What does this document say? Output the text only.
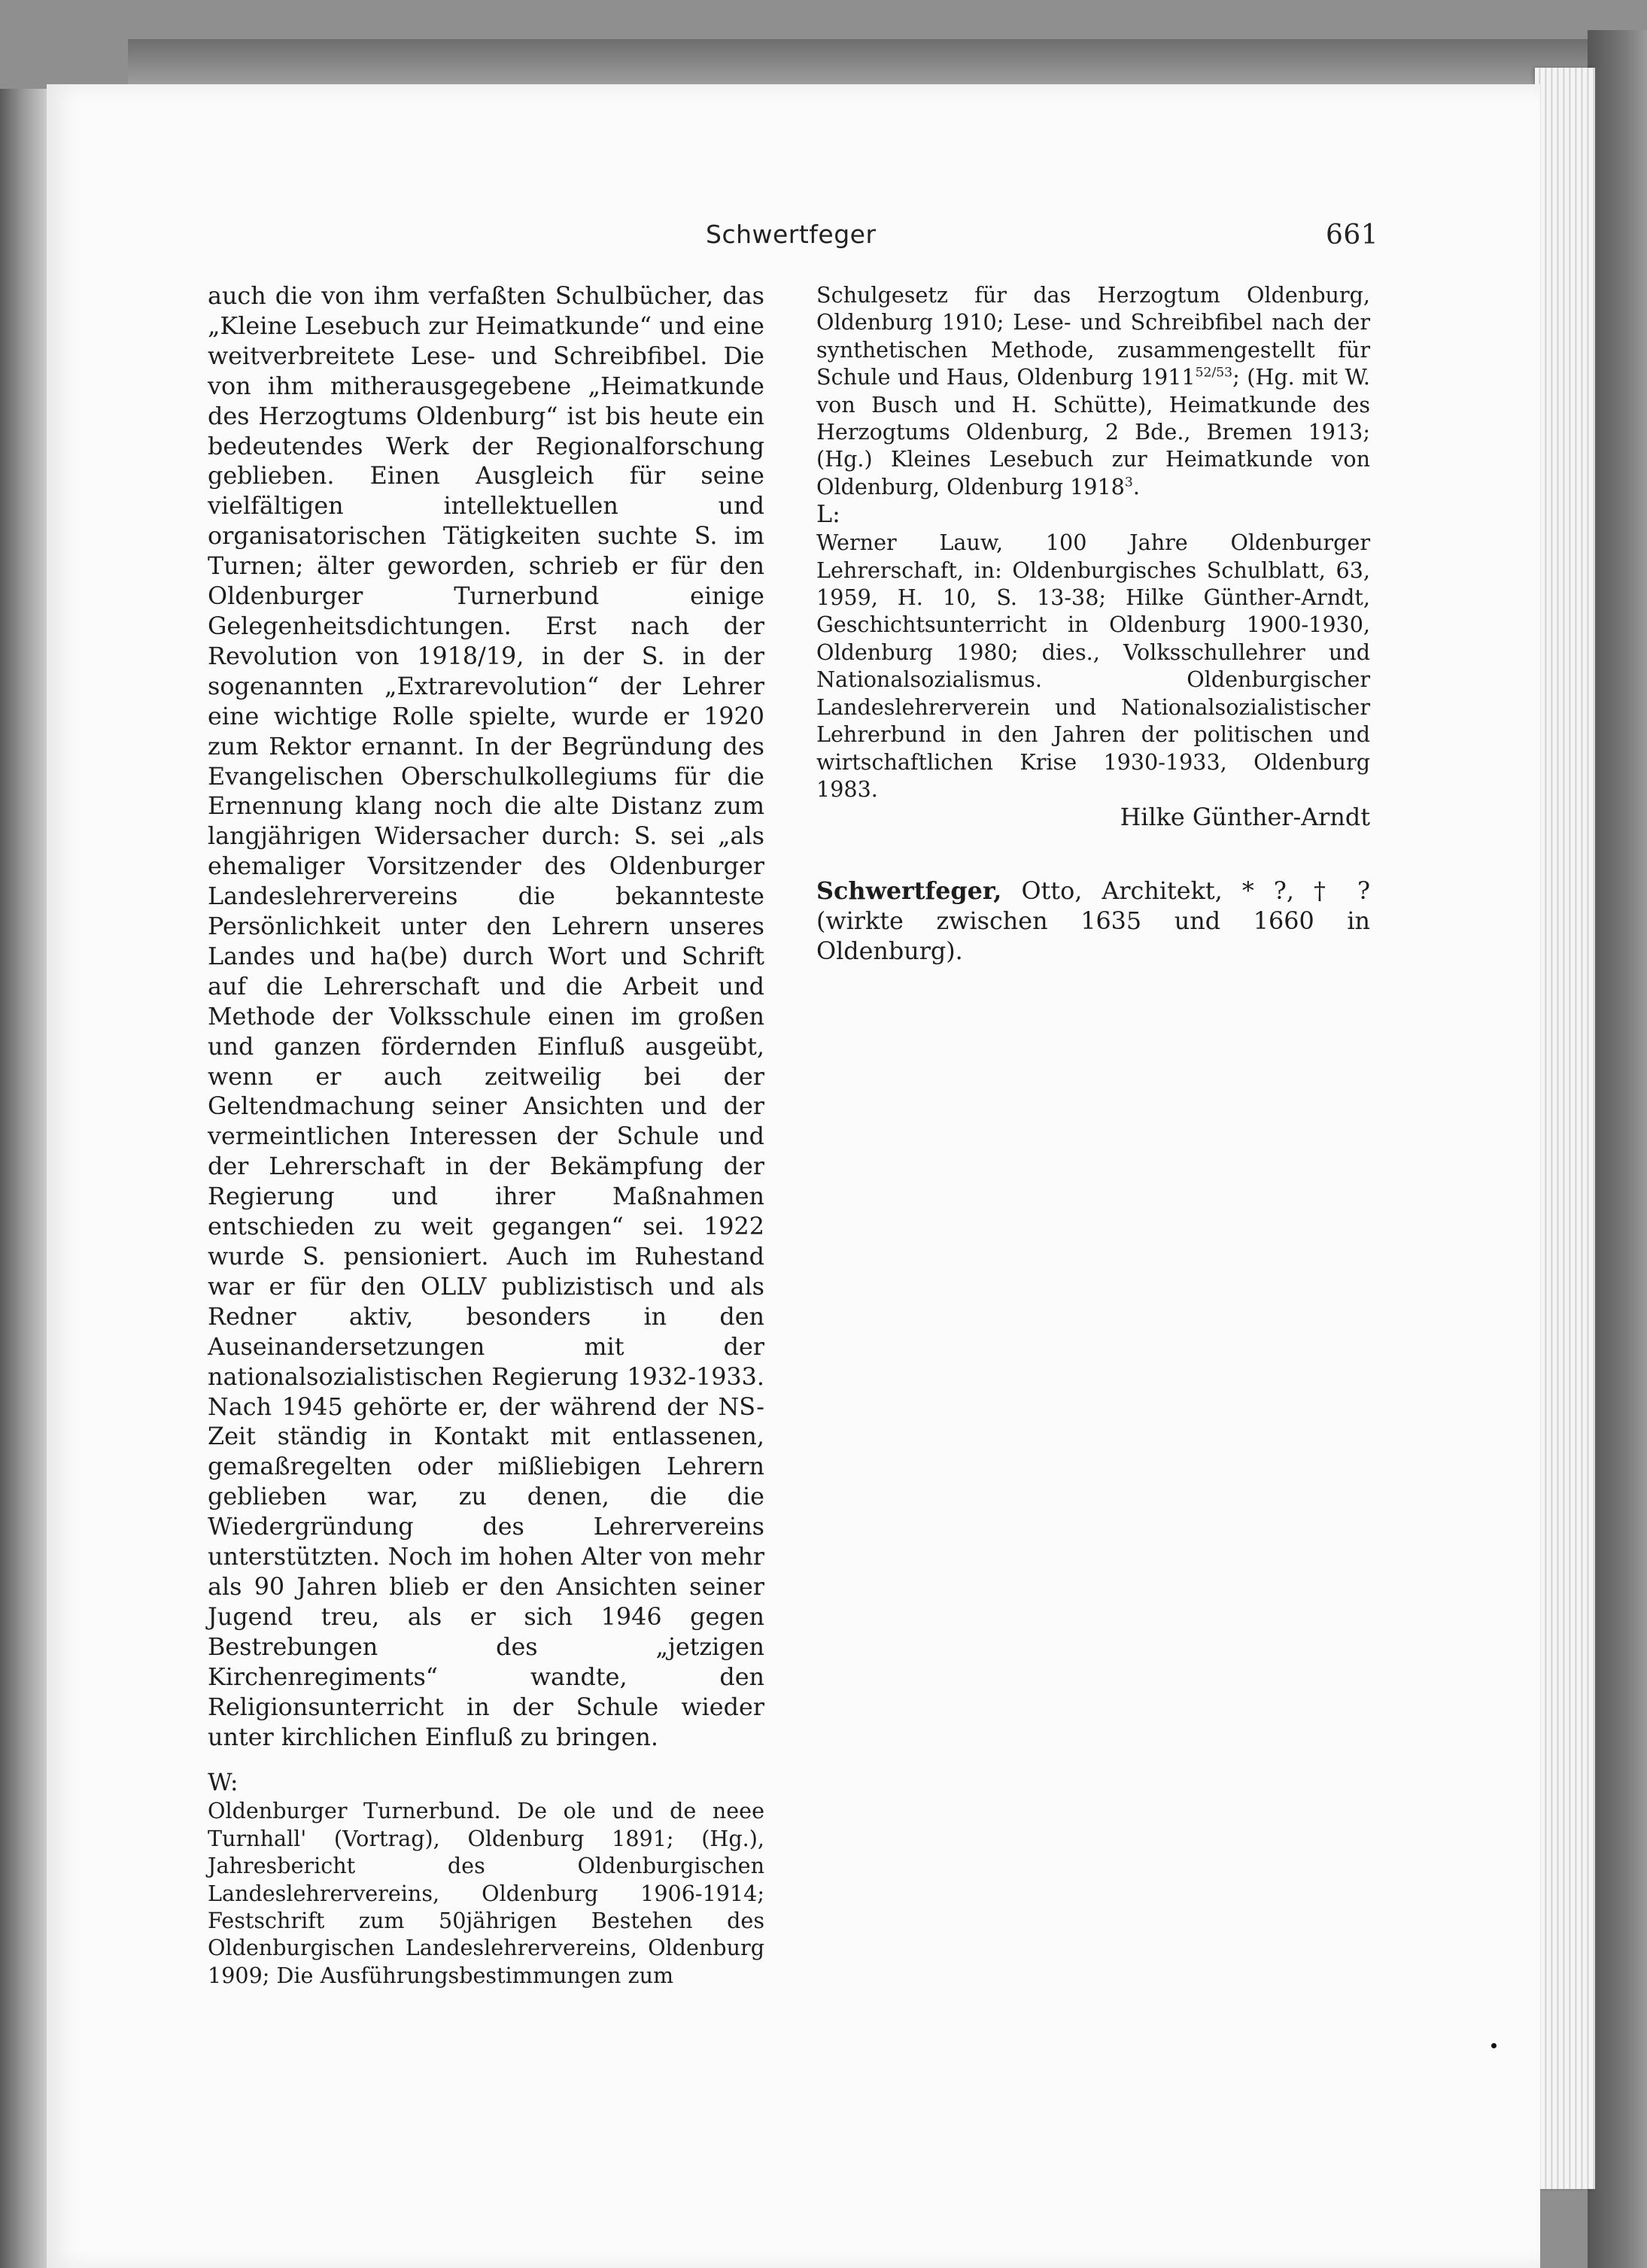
Schwertfeger	661

auch die von ihm verfaßten Schulbücher, das „Kleine Lesebuch zur Heimatkunde“ und eine weitverbreitete Lese- und Schreibfibel. Die von ihm mitherausgegebene „Heimatkunde des Herzogtums Oldenburg“ ist bis heute ein bedeutendes Werk der Regionalforschung geblieben. Einen Ausgleich für seine vielfältigen intellektuellen und organisatorischen Tätigkeiten suchte S. im Turnen; älter geworden, schrieb er für den Oldenburger Turnerbund einige Gelegenheitsdichtungen. Erst nach der Revolution von 1918/19, in der S. in der sogenannten „Extrarevolution“ der Lehrer eine wichtige Rolle spielte, wurde er 1920 zum Rektor ernannt. In der Begründung des Evangelischen Oberschulkollegiums für die Ernennung klang noch die alte Distanz zum langjährigen Widersacher durch: S. sei „als ehemaliger Vorsitzender des Oldenburger Landeslehrervereins die bekannteste Persönlichkeit unter den Lehrern unseres Landes und ha(be) durch Wort und Schrift auf die Lehrerschaft und die Arbeit und Methode der Volksschule einen im großen und ganzen fördernden Einfluß ausgeübt, wenn er auch zeitweilig bei der Geltendmachung seiner Ansichten und der vermeintlichen Interessen der Schule und der Lehrerschaft in der Bekämpfung der Regierung und ihrer Maßnahmen entschieden zu weit gegangen“ sei. 1922 wurde S. pensioniert. Auch im Ruhestand war er für den OLLV publizistisch und als Redner aktiv, besonders in den Auseinandersetzungen mit der nationalsozialistischen Regierung 1932-1933. Nach 1945 gehörte er, der während der NS-Zeit ständig in Kontakt mit entlassenen, gemaßregelten oder mißliebigen Lehrern geblieben war, zu denen, die die Wiedergründung des Lehrervereins unterstützten. Noch im hohen Alter von mehr als 90 Jahren blieb er den Ansichten seiner Jugend treu, als er sich 1946 gegen Bestrebungen des „jetzigen Kirchenregiments“ wandte, den Religionsunterricht in der Schule wieder unter kirchlichen Einfluß zu bringen.

W:

Oldenburger Turnerbund. De ole und de neee Turnhall' (Vortrag), Oldenburg 1891; (Hg.), Jahresbericht des Oldenburgischen Landeslehrervereins, Oldenburg 1906-1914; Festschrift zum 50jährigen Bestehen des Oldenburgischen Landeslehrervereins, Oldenburg 1909; Die Ausführungsbestimmungen zum

Schulgesetz für das Herzogtum Oldenburg, Oldenburg 1910; Lese- und Schreibfibel nach der synthetischen Methode, zusammengestellt für Schule und Haus, Oldenburg $1911^{52/53}$; (Hg. mit W. von Busch und H. Schütte), Heimatkunde des Herzogtums Oldenburg, 2 Bde., Bremen 1913; (Hg.) Kleines Lesebuch zur Heimatkunde von Oldenburg, Oldenburg 1918$^3$.

L:

Werner Lauw, 100 Jahre Oldenburger Lehrerschaft, in: Oldenburgisches Schulblatt, 63, 1959, H. 10, S. 13-38; Hilke Günther-Arndt, Geschichtsunterricht in Oldenburg 1900-1930, Oldenburg 1980; dies., Volksschullehrer und Nationalsozialismus. Oldenburgischer Landeslehrerverein und Nationalsozialistischer Lehrerbund in den Jahren der politischen und wirtschaftlichen Krise 1930-1933, Oldenburg 1983.

Hilke Günther-Arndt

Schwertfeger, Otto, Architekt, * ?, † ? (wirkte zwischen 1635 und 1660 in Oldenburg).
